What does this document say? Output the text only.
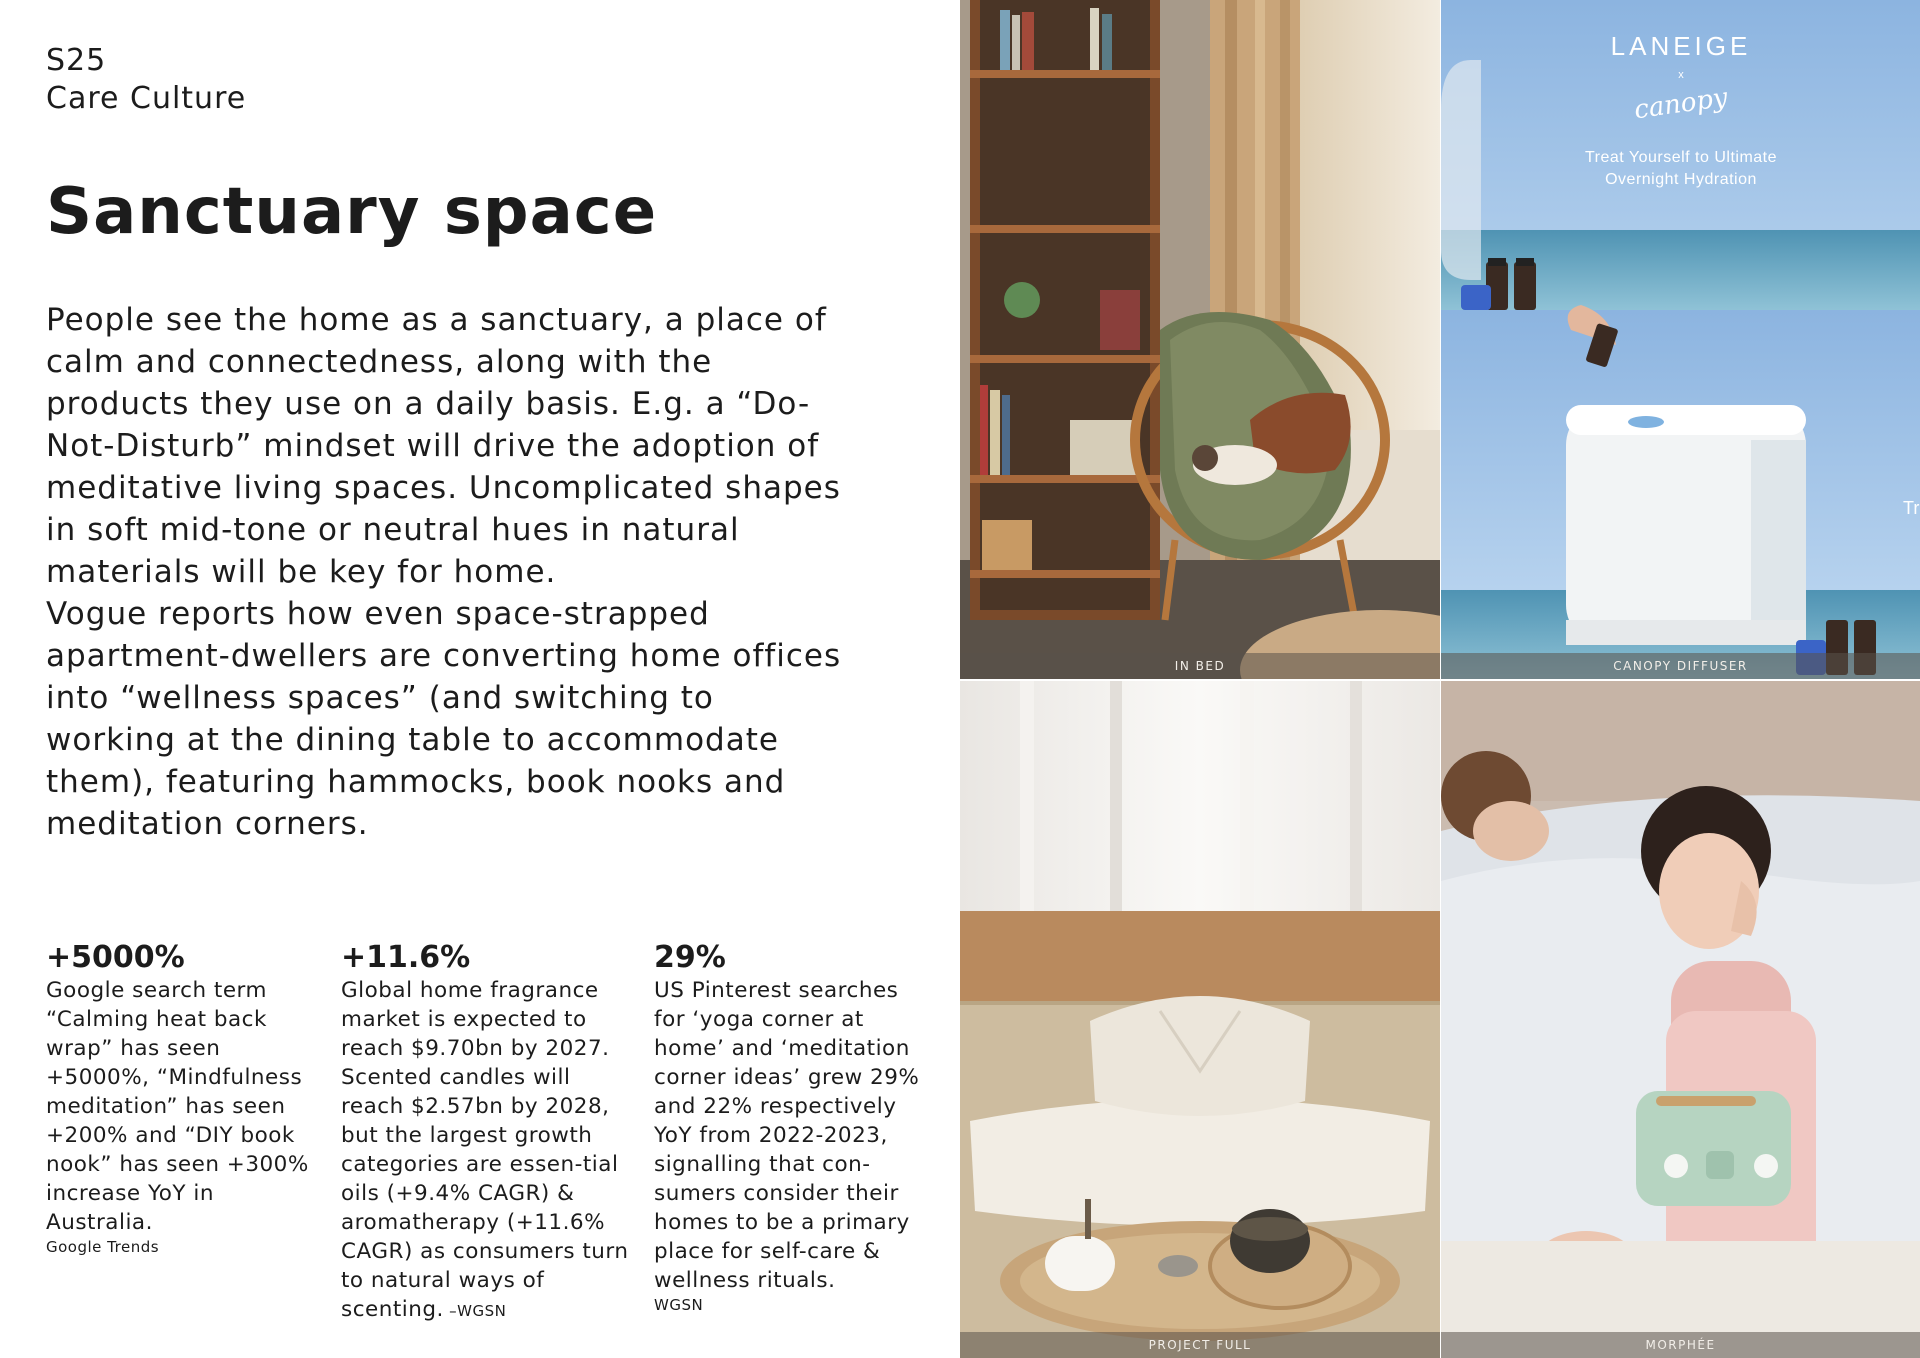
S25
Care Culture
Sanctuary space

People see the home as a sanctuary, a place of calm and connectedness, along with the products they use on a daily basis. E.g. a “Do-Not-Disturb” mindset will drive the adoption of meditative living spaces. Uncomplicated shapes in soft mid-tone or neutral hues in natural materials will be key for home.

Vogue reports how even space-strapped apartment-dwellers are converting home offices into “wellness spaces” (and switching to working at the dining table to accommodate them), featuring hammocks, book nooks and meditation corners.

+5000%
Google search term “Calming heat back wrap” has seen +5000%, “Mindfulness meditation” has seen +200% and “DIY book nook” has seen +300% increase YoY in Australia.
Google Trends
+11.6%
Global home fragrance market is expected to reach $9.70bn by 2027. Scented candles will reach $2.57bn by 2028, but the largest growth categories are essen-tial oils (+9.4% CAGR) & aromatherapy (+11.6% CAGR) as consumers turn to natural ways of scenting. –WGSN
29%
US Pinterest searches for ‘yoga corner at home’ and ‘meditation corner ideas’ grew 29% and 22% respectively YoY from 2022-2023, signalling that con-sumers consider their homes to be a primary place for self-care & wellness rituals.
WGSN
IN BED
LANEIGE
x
canopy
Treat Yourself to Ultimate
Overnight Hydration
Tr
CANOPY DIFFUSER
PROJECT FULL	MORPHÉE
